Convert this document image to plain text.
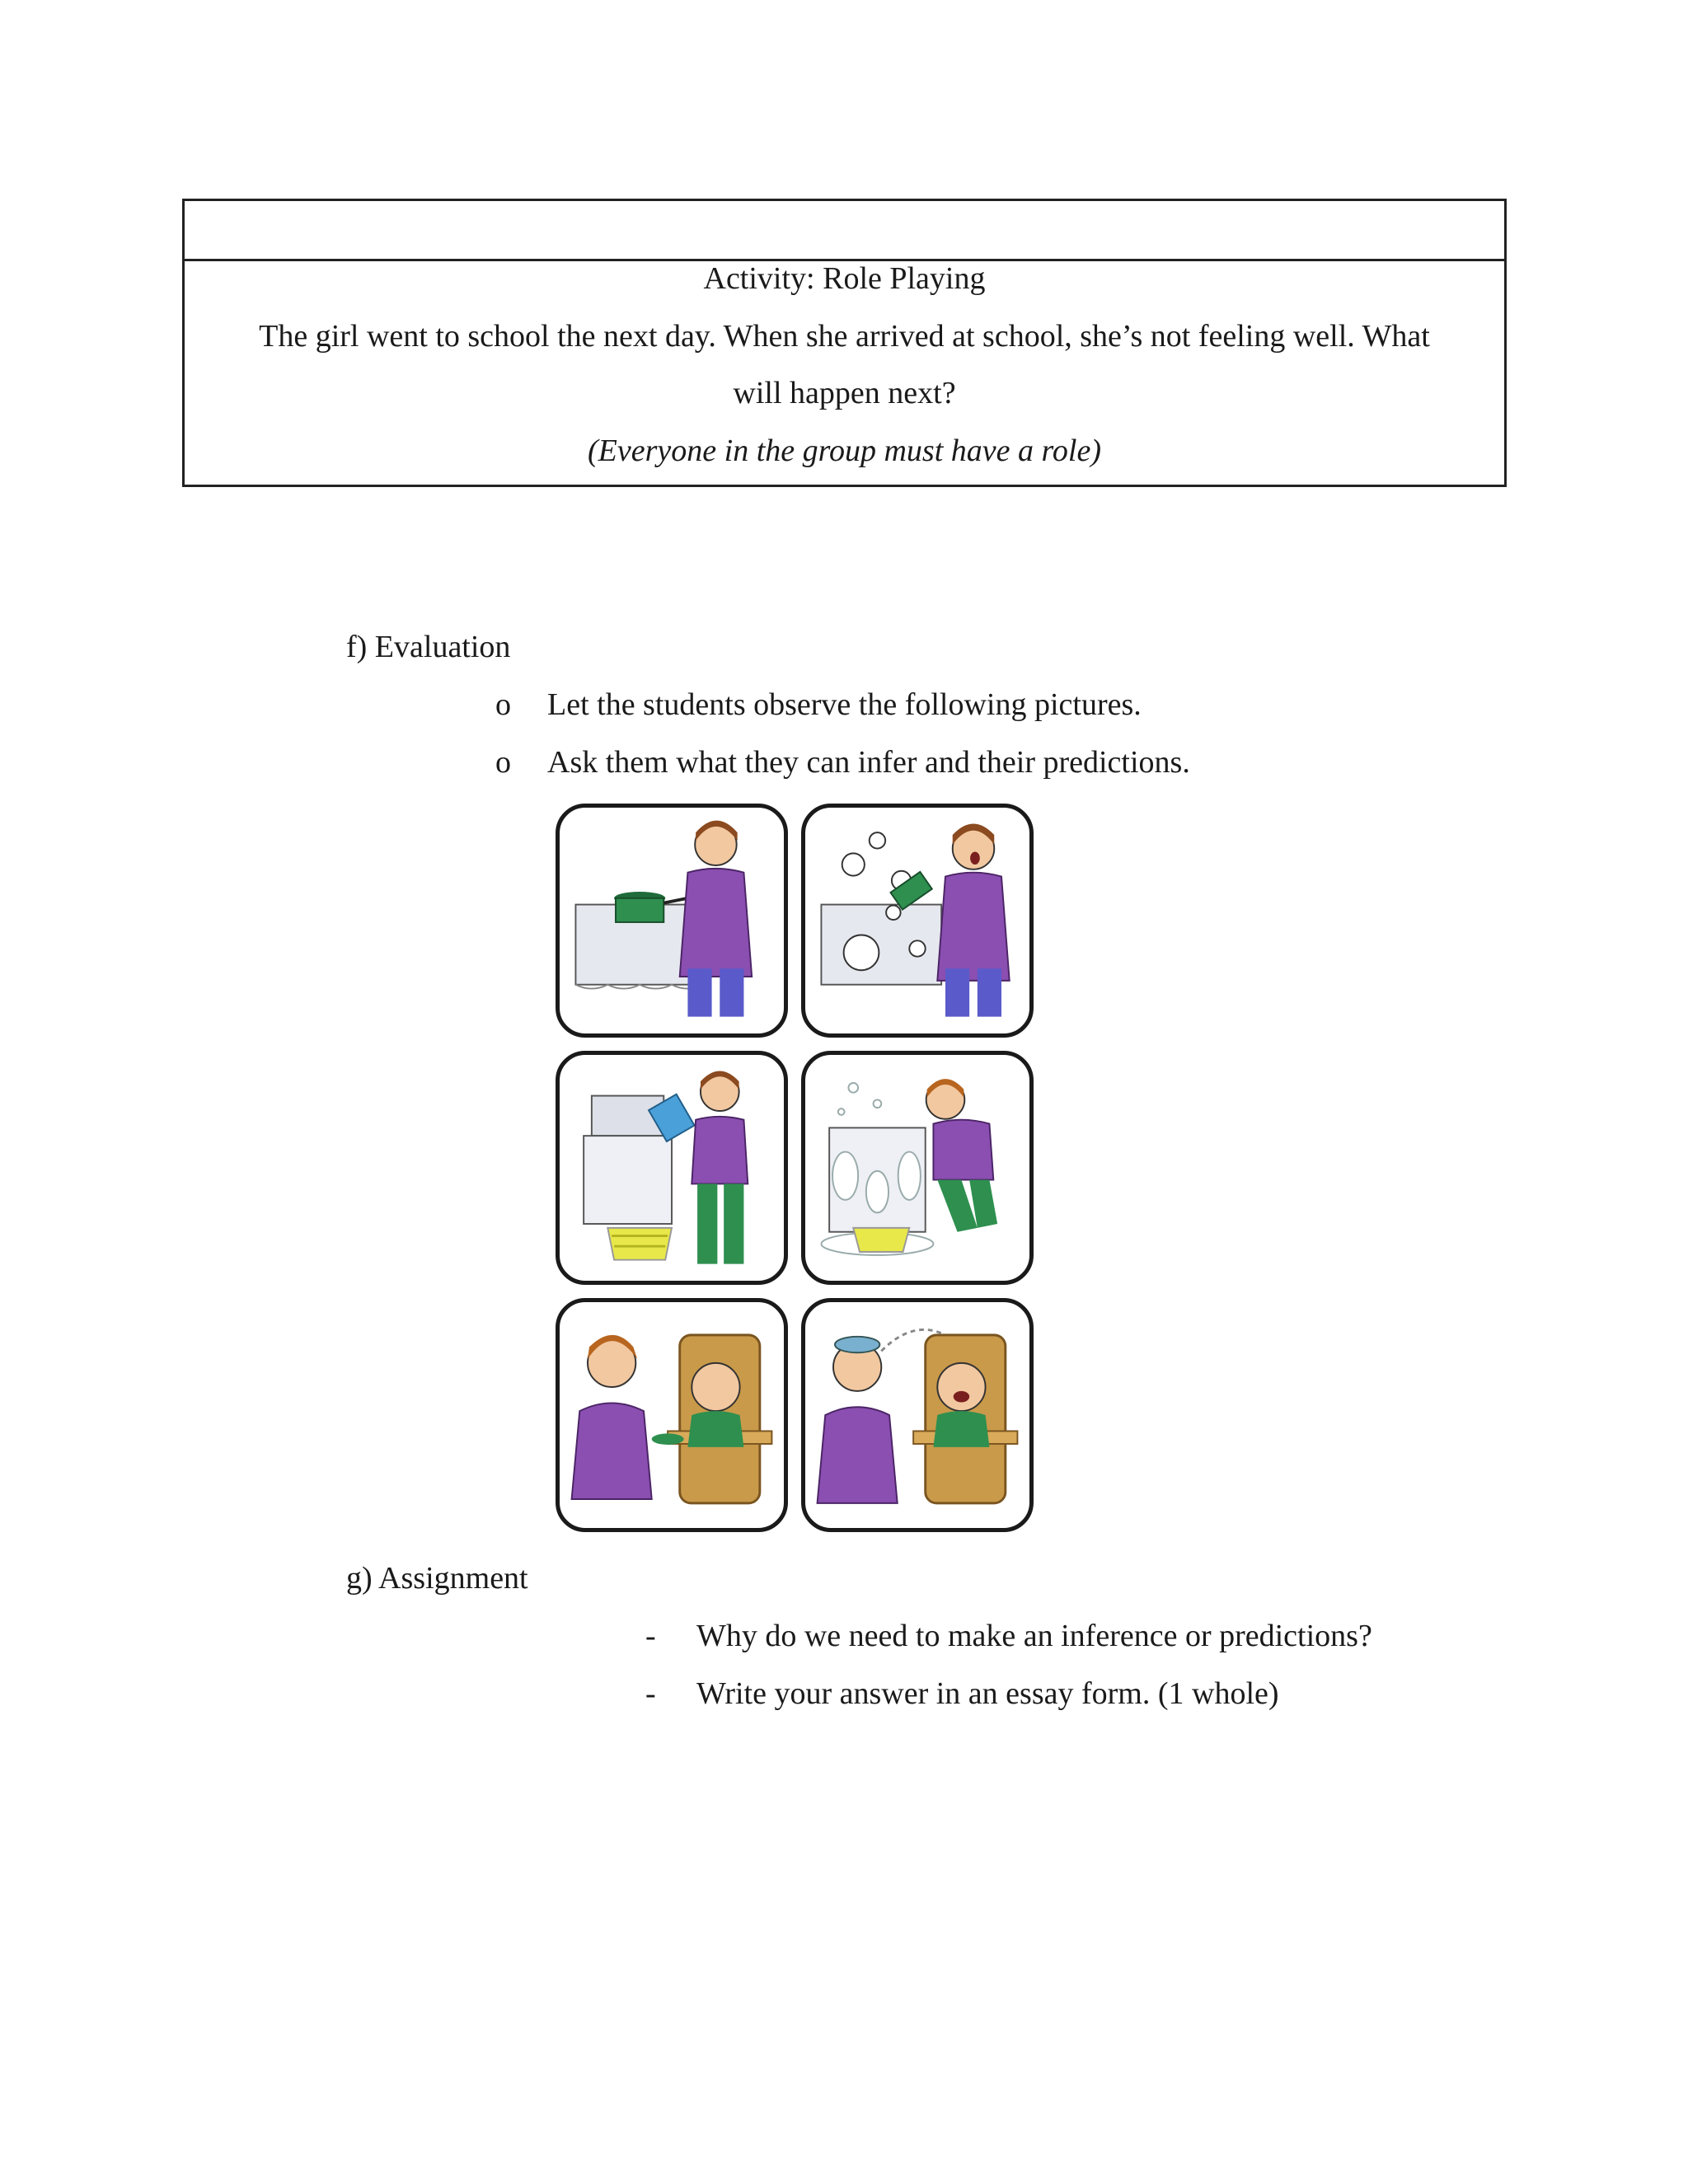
Activity: Role Playing
The girl went to school the next day. When she arrived at school, she’s not feeling well. What
will happen next?
(Everyone in the group must have a role)
f) Evaluation
o Let the students observe the following pictures.
o Ask them what they can infer and their predictions.
g) Assignment
- Why do we need to make an inference or predictions?
- Write your answer in an essay form. (1 whole)
